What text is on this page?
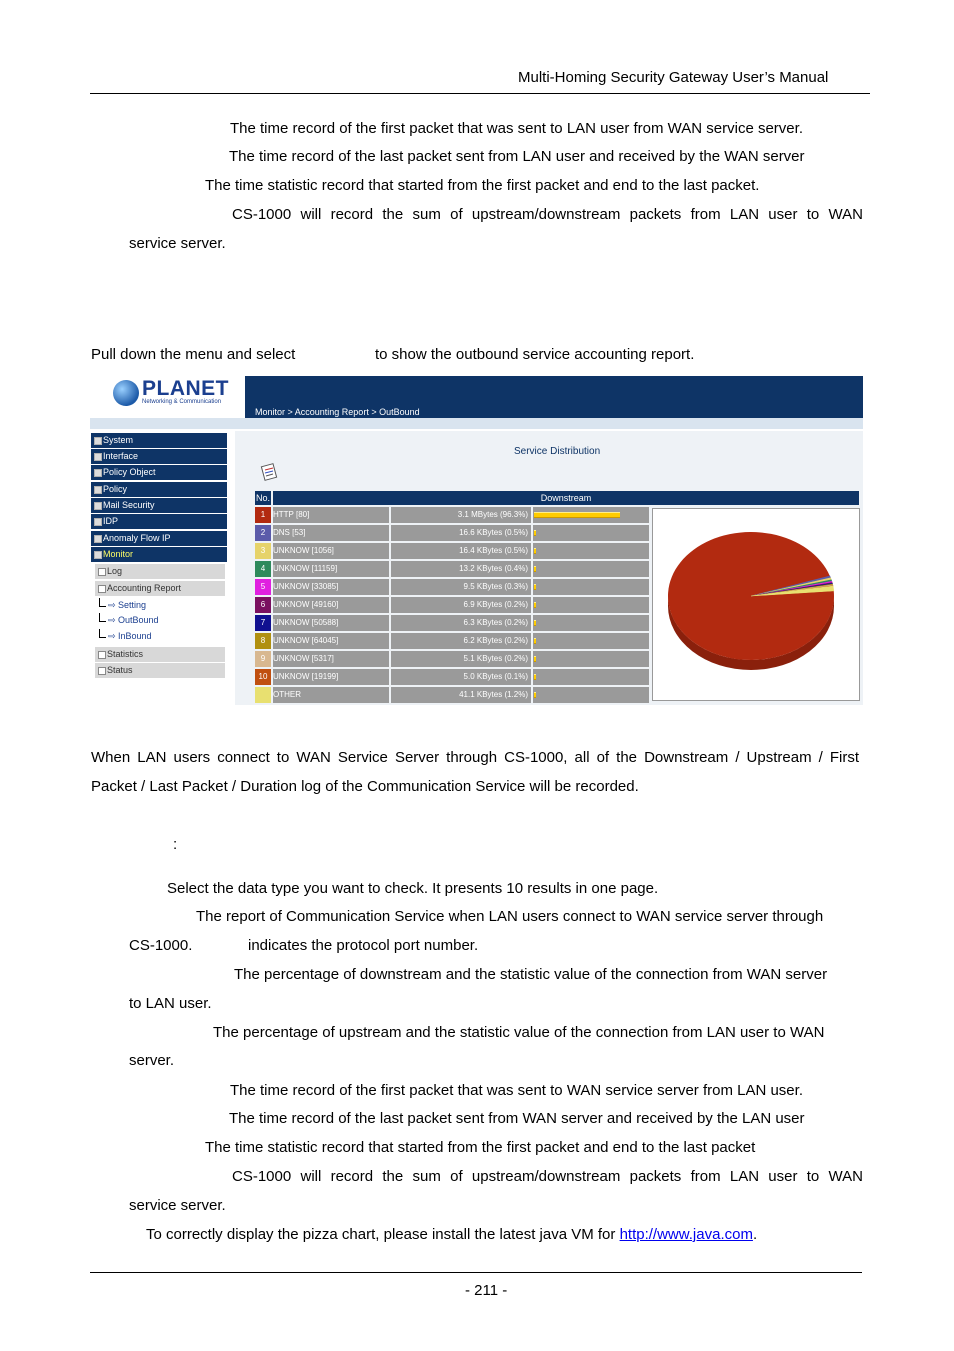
Multi-Homing Security Gateway User’s Manual
The time record of the first packet that was sent to LAN user from WAN service server.
The time record of the last packet sent from LAN user and received by the WAN server
The time statistic record that started from the first packet and end to the last packet.
CS-1000  will  record  the  sum  of  upstream/downstream  packets  from  LAN  user  to  WAN
service server.
Pull down the menu and select	to show the outbound service accounting report.
PLANET
Networking & Communication
Monitor > Accounting Report > OutBound
System
Interface
Policy Object
Policy
Mail Security
IDP
Anomaly Flow IP
Monitor
Log
Accounting Report
⇨ Setting
⇨ OutBound
⇨ InBound
Statistics
Status
Service Distribution
No.	Downstream
1 HTTP [80]	3.1 MBytes (96.3%)
2 DNS [53]	16.6 KBytes (0.5%)
3 UNKNOW [1056]	16.4 KBytes (0.5%)
4 UNKNOW [11159]	13.2 KBytes (0.4%)
5 UNKNOW [33085]	9.5 KBytes (0.3%)
6 UNKNOW [49160]	6.9 KBytes (0.2%)
7 UNKNOW [50588]	6.3 KBytes (0.2%)
8 UNKNOW [64045]	6.2 KBytes (0.2%)
9 UNKNOW [5317]	5.1 KBytes (0.2%)
10 UNKNOW [19199]	5.0 KBytes (0.1%)
OTHER	41.1 KBytes (1.2%)
When LAN users connect to WAN Service Server through CS-1000, all of the Downstream / Upstream / First
Packet / Last Packet / Duration log of the Communication Service will be recorded.
:
Select the data type you want to check. It presents 10 results in one page.
The report of Communication Service when LAN users connect to WAN service server through
CS-1000.	indicates the protocol port number.
The percentage of downstream and the statistic value of the connection from WAN server
to LAN user.
The percentage of upstream and the statistic value of the connection from LAN user to WAN
server.
The time record of the first packet that was sent to WAN service server from LAN user.
The time record of the last packet sent from WAN server and received by the LAN user
The time statistic record that started from the first packet and end to the last packet
CS-1000  will  record  the  sum  of  upstream/downstream  packets  from  LAN  user  to  WAN
service server.
To correctly display the pizza chart, please install the latest java VM for http://www.java.com.
- 211 -
